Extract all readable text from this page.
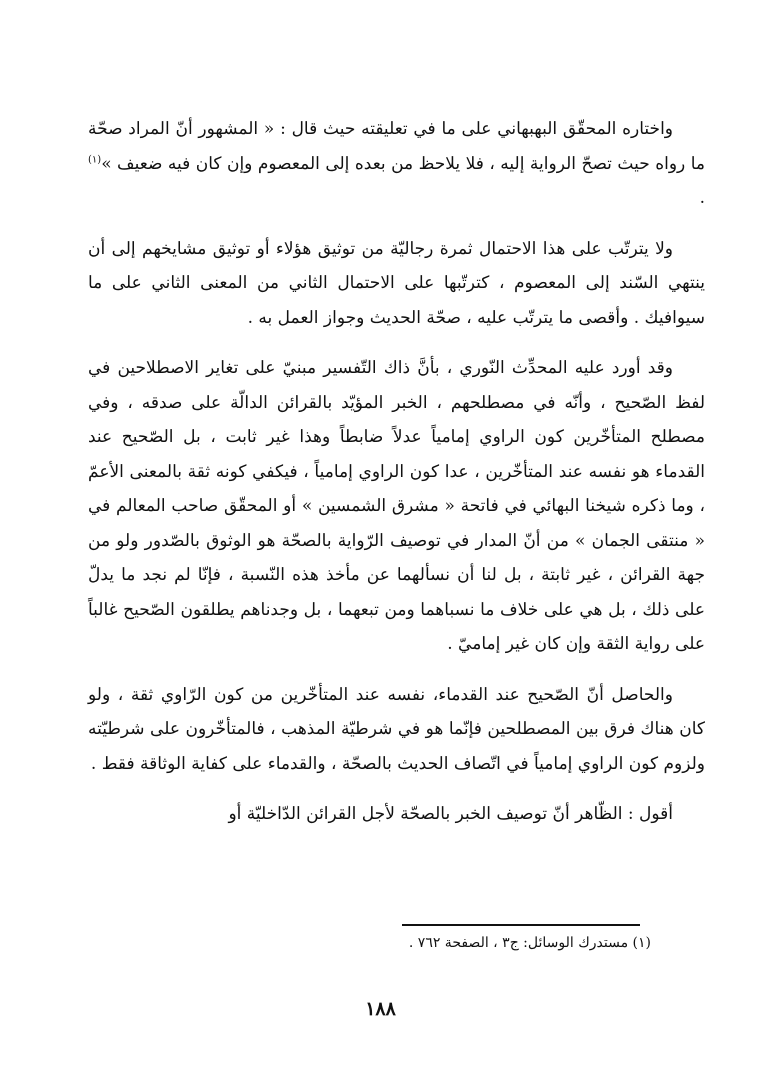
واختاره المحقّق البهبهاني على ما في تعليقته حيث قال : « المشهور أنّ المراد صحّة ما رواه حيث تصحّ الرواية إليه ، فلا يلاحظ من بعده إلى المعصوم وإن كان فيه ضعيف »$^{(١)}$ .

ولا يترتّب على هذا الاحتمال ثمرة رجاليّة من توثيق هؤلاء أو توثيق مشايخهم إلى أن ينتهي السّند إلى المعصوم ، كترتّبها على الاحتمال الثاني من المعنى الثاني على ما سيوافيك . وأقصى ما يترتّب عليه ، صحّة الحديث وجواز العمل به .

وقد أورد عليه المحدِّث النّوري ، بأنَّ ذاك التّفسير مبنيّ على تغاير الاصطلاحين في لفظ الصّحيح ، وأنّه في مصطلحهم ، الخبر المؤيّد بالقرائن الدالّة على صدقه ، وفي مصطلح المتأخّرين كون الراوي إمامياً عدلاً ضابطاً وهذا غير ثابت ، بل الصّحيح عند القدماء هو نفسه عند المتأخّرين ، عدا كون الراوي إمامياً ، فيكفي كونه ثقة بالمعنى الأعمّ ، وما ذكره شيخنا البهائي في فاتحة « مشرق الشمسين » أو المحقّق صاحب المعالم في « منتقى الجمان » من أنّ المدار في توصيف الرّواية بالصحّة هو الوثوق بالصّدور ولو من جهة القرائن ، غير ثابتة ، بل لنا أن نسألهما عن مأخذ هذه النّسبة ، فإنّا لم نجد ما يدلّ على ذلك ، بل هي على خلاف ما نسباهما ومن تبعهما ، بل وجدناهم يطلقون الصّحيح غالباً على رواية الثقة وإن كان غير إماميّ .

والحاصل أنّ الصّحيح عند القدماء، نفسه عند المتأخّرين من كون الرّاوي ثقة ، ولو كان هناك فرق بين المصطلحين فإنّما هو في شرطيّة المذهب ، فالمتأخّرون على شرطيّته ولزوم كون الراوي إمامياً في اتّصاف الحديث بالصحّة ، والقدماء على كفاية الوثاقة فقط .

أقول : الظّاهر أنّ توصيف الخبر بالصحّة لأجل القرائن الدّاخليّة أو

(١) مستدرك الوسائل: ج٣ ، الصفحة ٧٦٢ .
١٨٨
